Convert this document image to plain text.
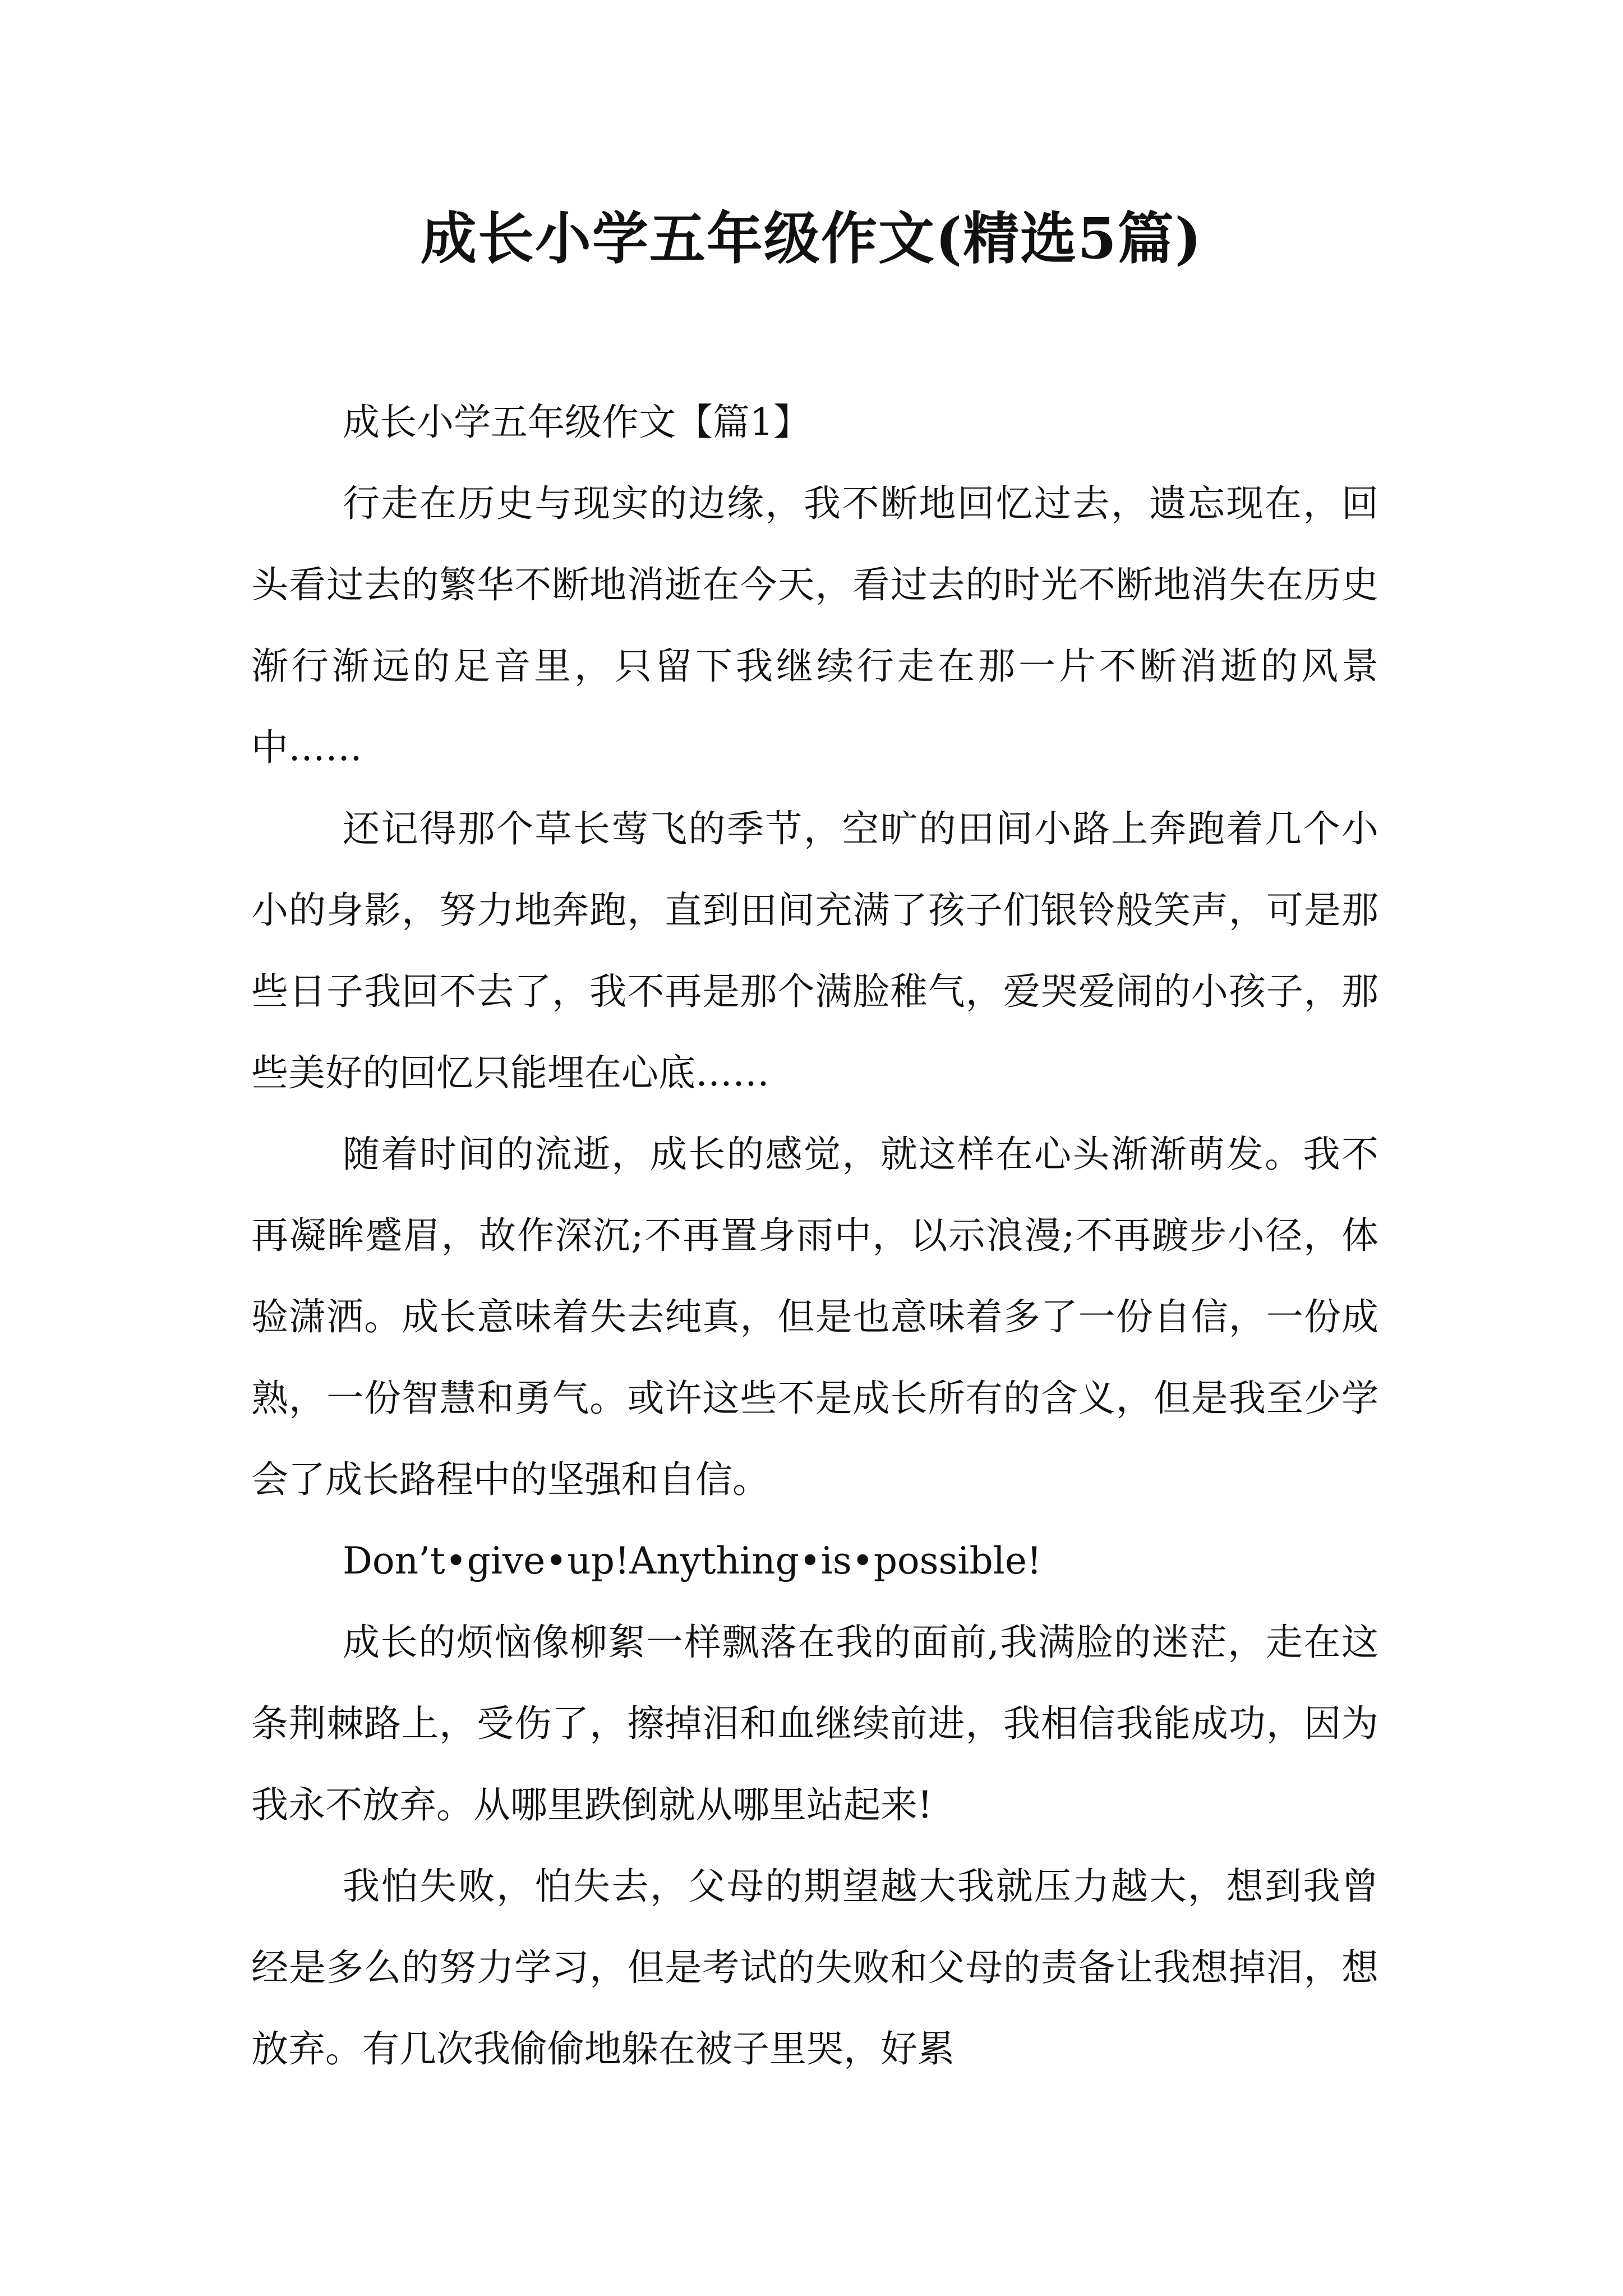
成长小学五年级作文(精选5篇)

成长小学五年级作文【篇1】

行走在历史与现实的边缘，我不断地回忆过去，遗忘现在，回头看过去的繁华不断地消逝在今天，看过去的时光不断地消失在历史渐行渐远的足音里，只留下我继续行走在那一片不断消逝的风景中……

还记得那个草长莺飞的季节，空旷的田间小路上奔跑着几个小小的身影，努力地奔跑，直到田间充满了孩子们银铃般笑声，可是那些日子我回不去了，我不再是那个满脸稚气，爱哭爱闹的小孩子，那些美好的回忆只能埋在心底……

随着时间的流逝，成长的感觉，就这样在心头渐渐萌发。我不再凝眸蹙眉，故作深沉;不再置身雨中，以示浪漫;不再踱步小径，体验潇洒。成长意味着失去纯真，但是也意味着多了一份自信，一份成熟，一份智慧和勇气。或许这些不是成长所有的含义，但是我至少学会了成长路程中的坚强和自信。

Don’t•give•up!Anything•is•possible!

成长的烦恼像柳絮一样飘落在我的面前,我满脸的迷茫，走在这条荆棘路上，受伤了，擦掉泪和血继续前进，我相信我能成功，因为我永不放弃。从哪里跌倒就从哪里站起来!

我怕失败，怕失去，父母的期望越大我就压力越大，想到我曾经是多么的努力学习，但是考试的失败和父母的责备让我想掉泪，想放弃。有几次我偷偷地躲在被子里哭，好累
